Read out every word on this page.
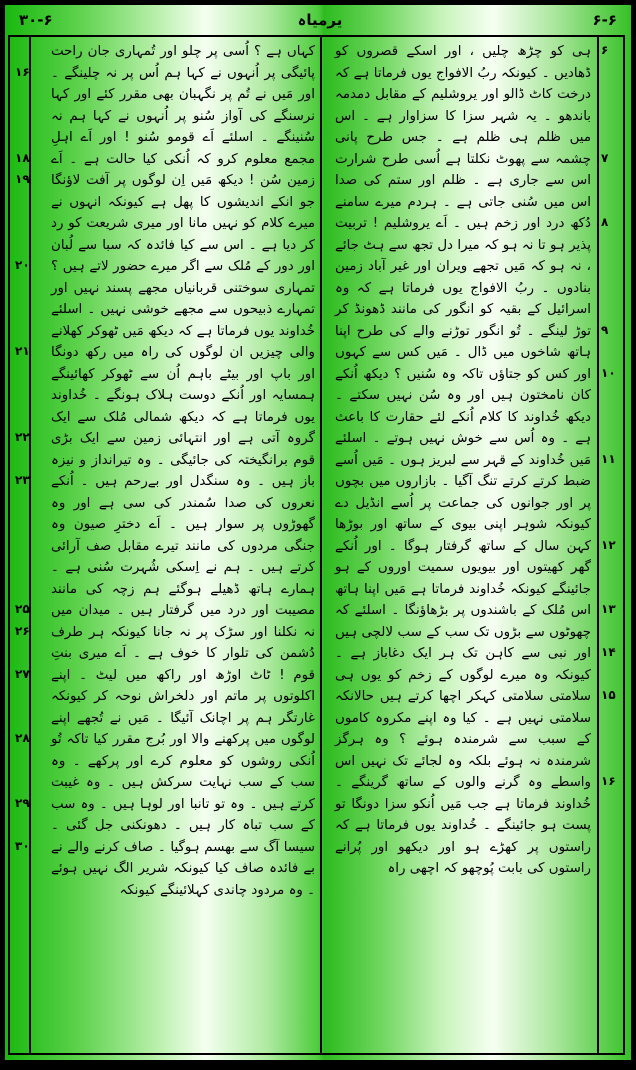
۳۰-۶	یرمیاہ	۶-۶

ہی کو چڑھ چلیں ، اور اسکے قصروں کو ڈھادیں ۔ کیونکہ ربُ الافواج یوں فرماتا ہے کہ درخت کاٹ ڈالو اور یروشلیم کے مقابل دمدمہ باندھو ۔ یہ شہر سزا کا سزاوار ہے ۔ اس میں ظلم ہی ظلم ہے ۔ جس طرح پانی چشمہ سے پھوٹ نکلتا ہے اُسی طرح شرارت اس سے جاری ہے ۔ ظلم اور ستم کی صدا اس میں سُنی جاتی ہے ۔ ہردم میرے سامنے دُکھ درد اور زخم ہیں ۔ اَے یروشلیم ! تربیت پذیر ہو تا نہ ہو کہ میرا دل تجھ سے ہٹ جائے ، نہ ہو کہ مَیں تجھے ویران اور غیر آباد زمین بنادوں ۔ ربُ الافواج یوں فرماتا ہے کہ وہ اسرائیل کے بقیہ کو انگور کی مانند ڈھونڈ کر توڑ لینگے ۔ تُو انگور توڑنے والے کی طرح اپنا ہاتھ شاخوں میں ڈال ۔ مَیں کس سے کہوں اور کس کو جتاؤں تاکہ وہ سُنیں ؟ دیکھ اُنکے کان نامختون ہیں اور وہ سُن نہیں سکتے ۔ دیکھ خُداوند کا کلام اُنکے لئے حقارت کا باعث ہے ۔ وہ اُس سے خوش نہیں ہوتے ۔ اسلئے مَیں خُداوند کے قہر سے لبریز ہوں ۔ مَیں اُسے ضبط کرتے کرتے تنگ آگیا ۔ بازاروں میں بچوں پر اور جوانوں کی جماعت پر اُسے انڈیل دے کیونکہ شوہر اپنی بیوی کے ساتھ اور بوڑھا کہن سال کے ساتھ گرفتار ہوگا ۔ اور اُنکے گھر کھیتوں اور بیویوں سمیت اوروں کے ہو جائینگے کیونکہ خُداوند فرماتا ہے مَیں اپنا ہاتھ اس مُلک کے باشندوں پر بڑھاؤنگا ۔ اسلئے کہ چھوٹوں سے بڑوں تک سب کے سب لالچی ہیں اور نبی سے کاہن تک ہر ایک دغاباز ہے ۔ کیونکہ وہ میرے لوگوں کے زخم کو یوں ہی سلامتی سلامتی کہکر اچھا کرتے ہیں حالانکہ سلامتی نہیں ہے ۔ کیا وہ اپنے مکروہ کاموں کے سبب سے شرمندہ ہوئے ؟ وہ ہرگز شرمندہ نہ ہوئے بلکہ وہ لجائے تک نہیں اس واسطے وہ گرنے والوں کے ساتھ گرینگے ۔ خُداوند فرماتا ہے جب مَیں اُنکو سزا دونگا تو پست ہو جائینگے ۔ خُداوند یوں فرماتا ہے کہ راستوں پر کھڑے ہو اور دیکھو اور پُرانے راستوں کی بابت پُوچھو کہ اچھی راہ

کہاں ہے ؟ اُسی پر چلو اور تُمہاری جان راحت پائیگی پر اُنہوں نے کہا ہم اُس پر نہ چلینگے ۔ اور مَیں نے تُم پر نگہبان بھی مقرر کئے اور کہا نرسنگے کی آواز سُنو پر اُنہوں نے کہا ہم نہ سُنینگے ۔ اسلئے اَے قومو سُنو ! اور اَے اہلِ مجمع معلوم کرو کہ اُنکی کیا حالت ہے ۔ اَے زمین سُن ! دیکھ مَیں اِن لوگوں پر آفت لاؤنگا جو انکے اندیشوں کا پھل ہے کیونکہ انہوں نے میرے کلام کو نہیں مانا اور میری شریعت کو رد کر دیا ہے ۔ اس سے کیا فائدہ کہ سبا سے لُبان اور دور کے مُلک سے اگر میرے حضور لاتے ہیں ؟ تمہاری سوختنی قربانیاں مجھے پسند نہیں اور تمہارے ذبیحوں سے مجھے خوشی نہیں ۔ اسلئے خُداوند یوں فرماتا ہے کہ دیکھ مَیں ٹھوکر کھلانے والی چیزیں ان لوگوں کی راہ میں رکھ دونگا اور باپ اور بیٹے باہم اُن سے ٹھوکر کھائینگے ہمسایہ اور اُنکے دوست ہلاک ہونگے ۔ خُداوند یوں فرماتا ہے کہ دیکھ شمالی مُلک سے ایک گروہ آتی ہے اور انتہائی زمین سے ایک بڑی قوم برانگیختہ کی جائیگی ۔ وہ تیرانداز و نیزہ باز ہیں ۔ وہ سنگدل اور بےرحم ہیں ۔ اُنکے نعروں کی صدا سُمندر کی سی ہے اور وہ گھوڑوں پر سوار ہیں ۔ اَے دخترِ صیون وہ جنگی مردوں کی مانند تیرے مقابل صف آرائی کرتے ہیں ۔ ہم نے اِسکی شُہرت سُنی ہے ۔ ہمارے ہاتھ ڈھیلے ہوگئے ہم زچہ کی مانند مصیبت اور درد میں گرفتار ہیں ۔ میدان میں نہ نکلنا اور سڑک پر نہ جانا کیونکہ ہر طرف دُشمن کی تلوار کا خوف ہے ۔ اَے میری بنتِ قوم ! ٹاٹ اوڑھ اور راکھ میں لیٹ ۔ اپنے اکلوتوں پر ماتم اور دلخراش نوحہ کر کیونکہ غارتگر ہم پر اچانک آئیگا ۔ مَیں نے تُجھے اپنے لوگوں میں پرکھنے والا اور بُرج مقرر کیا تاکہ تُو اُنکی روشوں کو معلوم کرے اور پرکھے ۔ وہ سب کے سب نہایت سرکش ہیں ۔ وہ غیبت کرتے ہیں ۔ وہ تو تانبا اور لوہا ہیں ۔ وہ سب کے سب تباہ کار ہیں ۔ دھونکنی جل گئی ۔ سیسا آگ سے بھسم ہوگیا ۔ صاف کرنے والے نے بے فائدہ صاف کیا کیونکہ شریر الگ نہیں ہوئے ۔ وہ مردود چاندی کہلائینگے کیونکہ

۶
۷
۸
۹
۱۰
۱۱
۱۲
۱۳
۱۴
۱۵
۱۶
۱۶
۱۸
۱۹
۲۰
۲۱
۲۲
۲۳
۲۵
۲۶
۲۷
۲۸
۲۹
۳۰
